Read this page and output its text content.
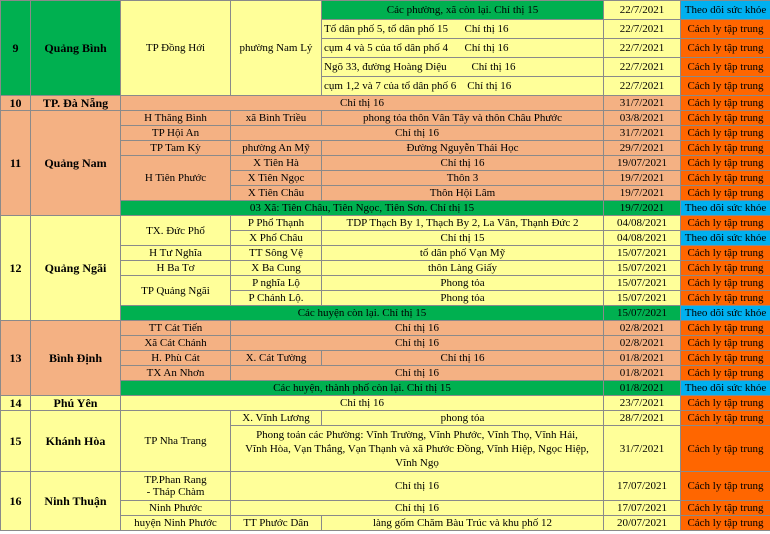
9	Quảng Bình	TP Đồng Hới	phường Nam Lý	Các phường, xã còn lại. Chỉ thị 15	22/7/2021	Theo dõi sức khỏe
				Tổ dân phố 5, tổ dân phố 15 Chỉ thị 16	22/7/2021	Cách ly tập trung
				cụm 4 và 5 của tổ dân phố 4 Chỉ thị 16	22/7/2021	Cách ly tập trung
				Ngõ 33, đường Hoàng Diệu Chỉ thị 16	22/7/2021	Cách ly tập trung
				cụm 1,2 và 7 của tổ dân phố 6 Chỉ thị 16	22/7/2021	Cách ly tập trung
10	TP. Đà Nẵng	Chỉ thị 16			31/7/2021	Cách ly tập trung
11	Quảng Nam	H Thăng Bình	xã Bình Triều	phong tỏa thôn Vân Tây và thôn Châu Phước	03/8/2021	Cách ly tập trung
		TP Hội An	Chỉ thị 16		31/7/2021	Cách ly tập trung
		TP Tam Kỳ	phường An Mỹ	Đường Nguyễn Thái Học	29/7/2021	Cách ly tập trung
		H Tiên Phước	X Tiên Hà	Chỉ thị 16	19/07/2021	Cách ly tập trung
			X Tiên Ngọc	Thôn 3	19/7/2021	Cách ly tập trung
			X Tiên Châu	Thôn Hội Lâm	19/7/2021	Cách ly tập trung
		03 Xã: Tiên Châu, Tiên Ngọc, Tiên Sơn. Chỉ thị 15			19/7/2021	Theo dõi sức khỏe
12	Quảng Ngãi	TX. Đức Phổ	P Phổ Thạnh	TDP Thạch By 1, Thạch By 2, La Vân, Thạnh Đức 2	04/08/2021	Cách ly tập trung
			X Phổ Châu	Chỉ thị 15	04/08/2021	Theo dõi sức khỏe
		H Tư Nghĩa	TT Sông Vệ	tổ dân phố Vạn Mỹ	15/07/2021	Cách ly tập trung
		H Ba Tơ	X Ba Cung	thôn Làng Giấy	15/07/2021	Cách ly tập trung
		TP Quảng Ngãi	P nghĩa Lộ	Phong tỏa	15/07/2021	Cách ly tập trung
			P Chánh Lộ.	Phong tỏa	15/07/2021	Cách ly tập trung
		Các huyện còn lại. Chỉ thị 15			15/07/2021	Theo dõi sức khỏe
13	Bình Định	TT Cát Tiến	Chỉ thị 16		02/8/2021	Cách ly tập trung
		Xã Cát Chánh	Chỉ thị 16		02/8/2021	Cách ly tập trung
		H. Phù Cát	X. Cát Tường	Chỉ thị 16	01/8/2021	Cách ly tập trung
		TX An Nhơn	Chỉ thị 16		01/8/2021	Cách ly tập trung
		Các huyện, thành phố còn lại. Chỉ thị 15			01/8/2021	Theo dõi sức khỏe
14	Phú Yên	Chỉ thị 16			23/7/2021	Cách ly tập trung
15	Khánh Hòa	TP Nha Trang	X. Vĩnh Lương	phong tỏa	28/7/2021	Cách ly tập trung

			Phong toản các Phường: Vĩnh Trường, Vĩnh Phước, Vĩnh Thọ, Vĩnh Hải,
Vĩnh Hòa, Vạn Thắng, Vạn Thạnh và xã Phước Đồng, Vĩnh Hiệp, Ngọc Hiệp,
Vĩnh Ngọ		31/7/2021	Cách ly tập trung
16	Ninh Thuận	TP.Phan Rang
- Tháp Chàm	Chỉ thị 16		17/07/2021	Cách ly tập trung
		Ninh Phước	Chỉ thị 16		17/07/2021	Cách ly tập trung
		huyện Ninh Phước	TT Phước Dân	làng gốm Chăm Bàu Trúc và khu phố 12	20/07/2021	Cách ly tập trung
